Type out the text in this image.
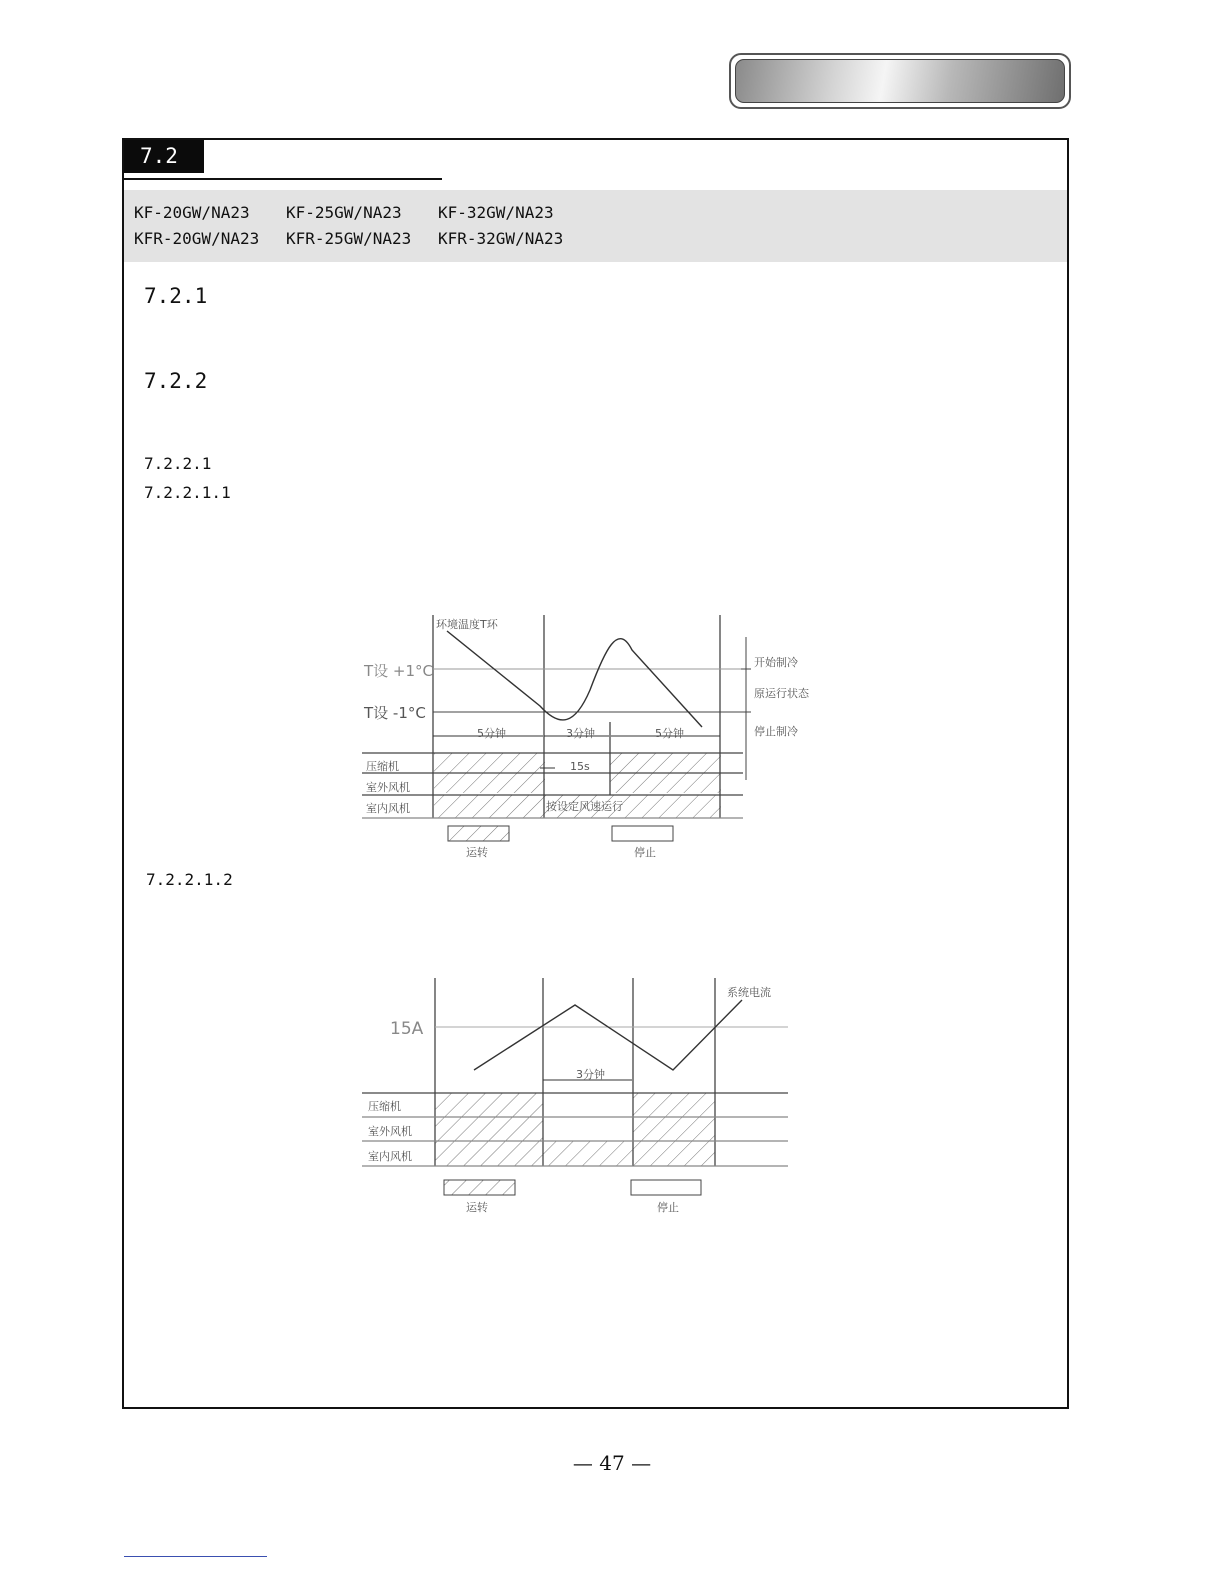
7.2
KF-20GW/NA23 KF-25GW/NA23 KF-32GW/NA23
KFR-20GW/NA23 KFR-25GW/NA23 KFR-32GW/NA23
7.2.1
7.2.2
7.2.2.1
7.2.2.1.1
7.2.2.1.2
环境温度T环
T设 +1°C
T设 -1°C
开始制冷
原运行状态
停止制冷
5分钟	3分钟	5分钟
15s
压缩机
室外风机
室内风机	按设定风速运行
运转	停止
系统电流
15A
3分钟
压缩机
室外风机
室内风机
运转	停止
— 47 —
